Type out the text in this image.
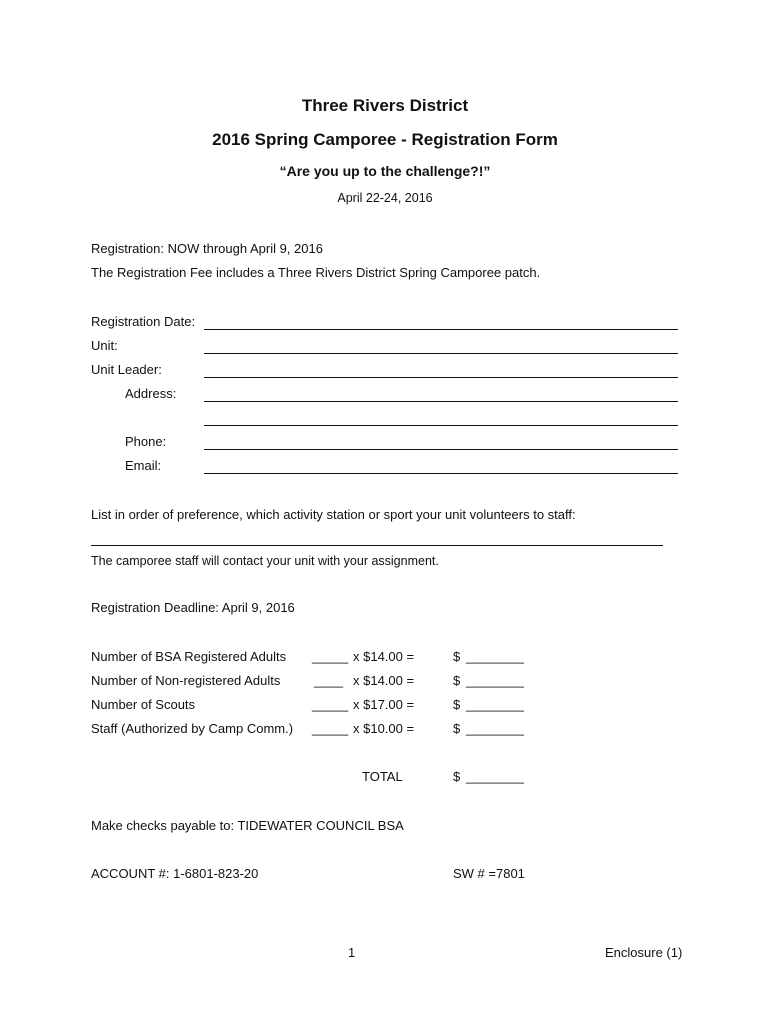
Three Rivers District
2016 Spring Camporee - Registration Form
“Are you up to the challenge?!”
April 22-24, 2016
Registration: NOW through April 9, 2016
The Registration Fee includes a Three Rivers District Spring Camporee patch.
Registration Date:
Unit:
Unit Leader:
Address:
Phone:
Email:
List in order of preference, which activity station or sport your unit volunteers to staff:
The camporee staff will contact your unit with your assignment.
Registration Deadline: April 9, 2016
Number of BSA Registered Adults _____ x $14.00 =	$ ________
Number of Non-registered Adults	____ x $14.00 =	$ ________
Number of Scouts	_____ x $17.00 =	$ ________
Staff (Authorized by Camp Comm.) _____ x $10.00 =	$ ________
TOTAL	$ ________
Make checks payable to: TIDEWATER COUNCIL BSA
ACCOUNT #: 1-6801-823-20	SW # =7801
1	Enclosure (1)
